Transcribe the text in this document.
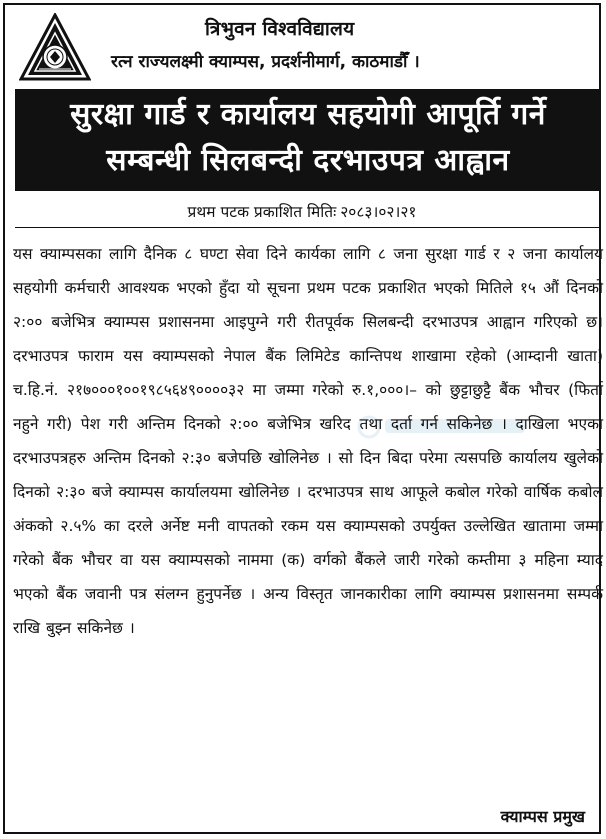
त्रिभुवन विश्वविद्यालय
रत्न राज्यलक्ष्मी क्याम्पस, प्रदर्शनीमार्ग, काठमाडौँ ।
सुरक्षा गार्ड र कार्यालय सहयोगी आपूर्ति गर्ने
सम्बन्धी सिलबन्दी दरभाउपत्र आह्वान
प्रथम पटक प्रकाशित मितिः २०८३।०२।२१

यस क्याम्पसका लागि दैनिक ८ घण्टा सेवा दिने कार्यका लागि ८ जना सुरक्षा गार्ड र २ जना कार्यालय सहयोगी कर्मचारी आवश्यक भएको हुँदा यो सूचना प्रथम पटक प्रकाशित भएको मितिले १५ औं दिनको २:०० बजेभित्र क्याम्पस प्रशासनमा आइपुग्ने गरी रीतपूर्वक सिलबन्दी दरभाउपत्र आह्वान गरिएको छ। दरभाउपत्र फाराम यस क्याम्पसको नेपाल बैंक लिमिटेड कान्तिपथ शाखामा रहेको (आम्दानी खाता) च.हि.नं. २१७०००१००१९८५६४९००००३२ मा जम्मा गरेको रु.१,०००।– को छुट्टाछुट्टै बैंक भौचर (फिर्ता नहुने गरी) पेश गरी अन्तिम दिनको २:०० बजेभित्र खरिद तथा दर्ता गर्न सकिनेछ । दाखिला भएका दरभाउपत्रहरु अन्तिम दिनको २:३० बजेपछि खोलिनेछ । सो दिन बिदा परेमा त्यसपछि कार्यालय खुलेको दिनको २:३० बजे क्याम्पस कार्यालयमा खोलिनेछ । दरभाउपत्र साथ आफूले कबोल गरेको वार्षिक कबोल अंकको २.५% का दरले अर्नेष्ट मनी वापतको रकम यस क्याम्पसको उपर्युक्त उल्लेखित खातामा जम्मा गरेको बैंक भौचर वा यस क्याम्पसको नाममा (क) वर्गको बैंकले जारी गरेको कम्तीमा ३ महिना म्याद भएको बैंक जवानी पत्र संलग्न हुनुपर्नेछ । अन्य विस्तृत जानकारीका लागि क्याम्पस प्रशासनमा सम्पर्क राखि बुझ्न सकिनेछ ।

क्याम्पस प्रमुख
